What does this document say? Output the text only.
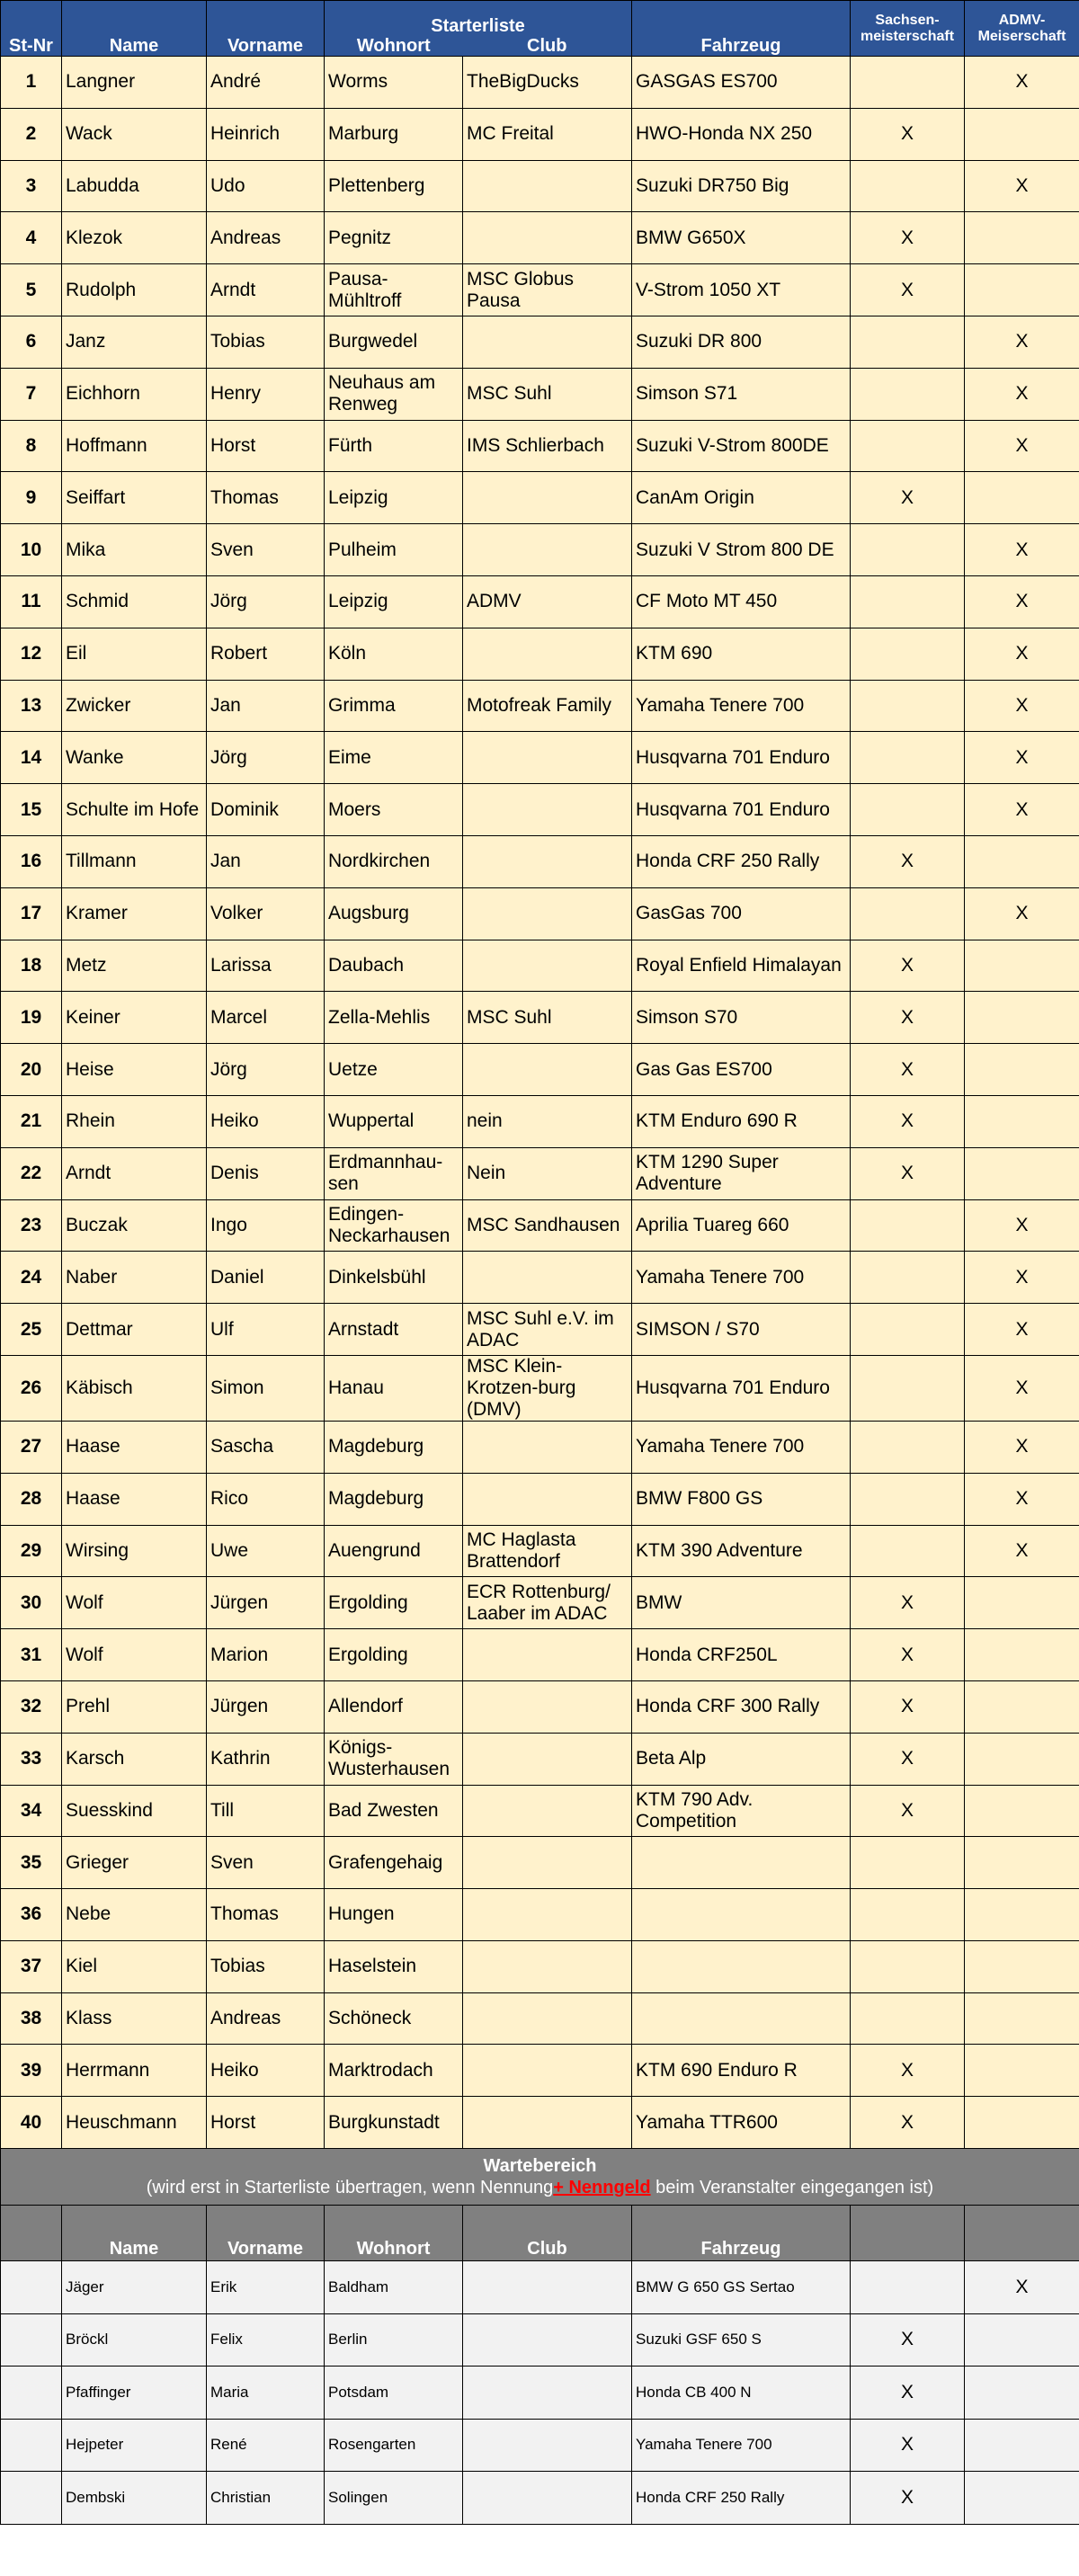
St-Nr	Name	Vorname	Starterliste
Wohnort Club		Fahrzeug	Sachsen-meisterschaft	ADMV-Meiserschaft
1	Langner	André	Worms	TheBigDucks	GASGAS ES700		X
2	Wack	Heinrich	Marburg	MC Freital	HWO-Honda NX 250	X	
3	Labudda	Udo	Plettenberg		Suzuki DR750 Big		X
4	Klezok	Andreas	Pegnitz		BMW G650X	X	
5	Rudolph	Arndt	Pausa-Mühltroff	MSC Globus Pausa	V-Strom 1050 XT	X	
6	Janz	Tobias	Burgwedel		Suzuki DR 800		X
7	Eichhorn	Henry	Neuhaus am Renweg	MSC Suhl	Simson S71		X
8	Hoffmann	Horst	Fürth	IMS Schlierbach	Suzuki V-Strom 800DE		X
9	Seiffart	Thomas	Leipzig		CanAm Origin	X	
10	Mika	Sven	Pulheim		Suzuki V Strom 800 DE		X
11	Schmid	Jörg	Leipzig	ADMV	CF Moto MT 450		X
12	Eil	Robert	Köln		KTM 690		X
13	Zwicker	Jan	Grimma	Motofreak Family	Yamaha Tenere 700		X
14	Wanke	Jörg	Eime		Husqvarna 701 Enduro		X
15	Schulte im Hofe	Dominik	Moers		Husqvarna 701 Enduro		X
16	Tillmann	Jan	Nordkirchen		Honda CRF 250 Rally	X	
17	Kramer	Volker	Augsburg		GasGas 700		X
18	Metz	Larissa	Daubach		Royal Enfield Himalayan	X	
19	Keiner	Marcel	Zella-Mehlis	MSC Suhl	Simson S70	X	
20	Heise	Jörg	Uetze		Gas Gas ES700	X	
21	Rhein	Heiko	Wuppertal	nein	KTM Enduro 690 R	X	
22	Arndt	Denis	Erdmannhau-sen	Nein	KTM 1290 Super Adventure	X	
23	Buczak	Ingo	Edingen-Neckarhausen	MSC Sandhausen	Aprilia Tuareg 660		X
24	Naber	Daniel	Dinkelsbühl		Yamaha Tenere 700		X
25	Dettmar	Ulf	Arnstadt	MSC Suhl e.V. im ADAC	SIMSON / S70		X
26	Käbisch	Simon	Hanau	MSC Klein-Krotzen-burg (DMV)	Husqvarna 701 Enduro		X
27	Haase	Sascha	Magdeburg		Yamaha Tenere 700		X
28	Haase	Rico	Magdeburg		BMW F800 GS		X
29	Wirsing	Uwe	Auengrund	MC Haglasta Brattendorf	KTM 390 Adventure		X
30	Wolf	Jürgen	Ergolding	ECR Rottenburg/ Laaber im ADAC	BMW	X	
31	Wolf	Marion	Ergolding		Honda CRF250L	X	
32	Prehl	Jürgen	Allendorf		Honda CRF 300 Rally	X	
33	Karsch	Kathrin	Königs-Wusterhausen		Beta Alp	X	
34	Suesskind	Till	Bad Zwesten		KTM 790 Adv. Competition	X	
35	Grieger	Sven	Grafengehaig				
36	Nebe	Thomas	Hungen				
37	Kiel	Tobias	Haselstein				
38	Klass	Andreas	Schöneck				
39	Herrmann	Heiko	Marktrodach		KTM 690 Enduro R	X	
40	Heuschmann	Horst	Burgkunstadt		Yamaha TTR600	X	

Wartebereich
(wird erst in Starterliste übertragen, wenn Nennung+ Nenngeld beim Veranstalter eingegangen ist)							
	Name	Vorname	Wohnort	Club	Fahrzeug		
	Jäger	Erik	Baldham		BMW G 650 GS Sertao		X
	Bröckl	Felix	Berlin		Suzuki GSF 650 S	X	
	Pfaffinger	Maria	Potsdam		Honda CB 400 N	X	
	Hejpeter	René	Rosengarten		Yamaha Tenere 700	X	
	Dembski	Christian	Solingen		Honda CRF 250 Rally	X	
